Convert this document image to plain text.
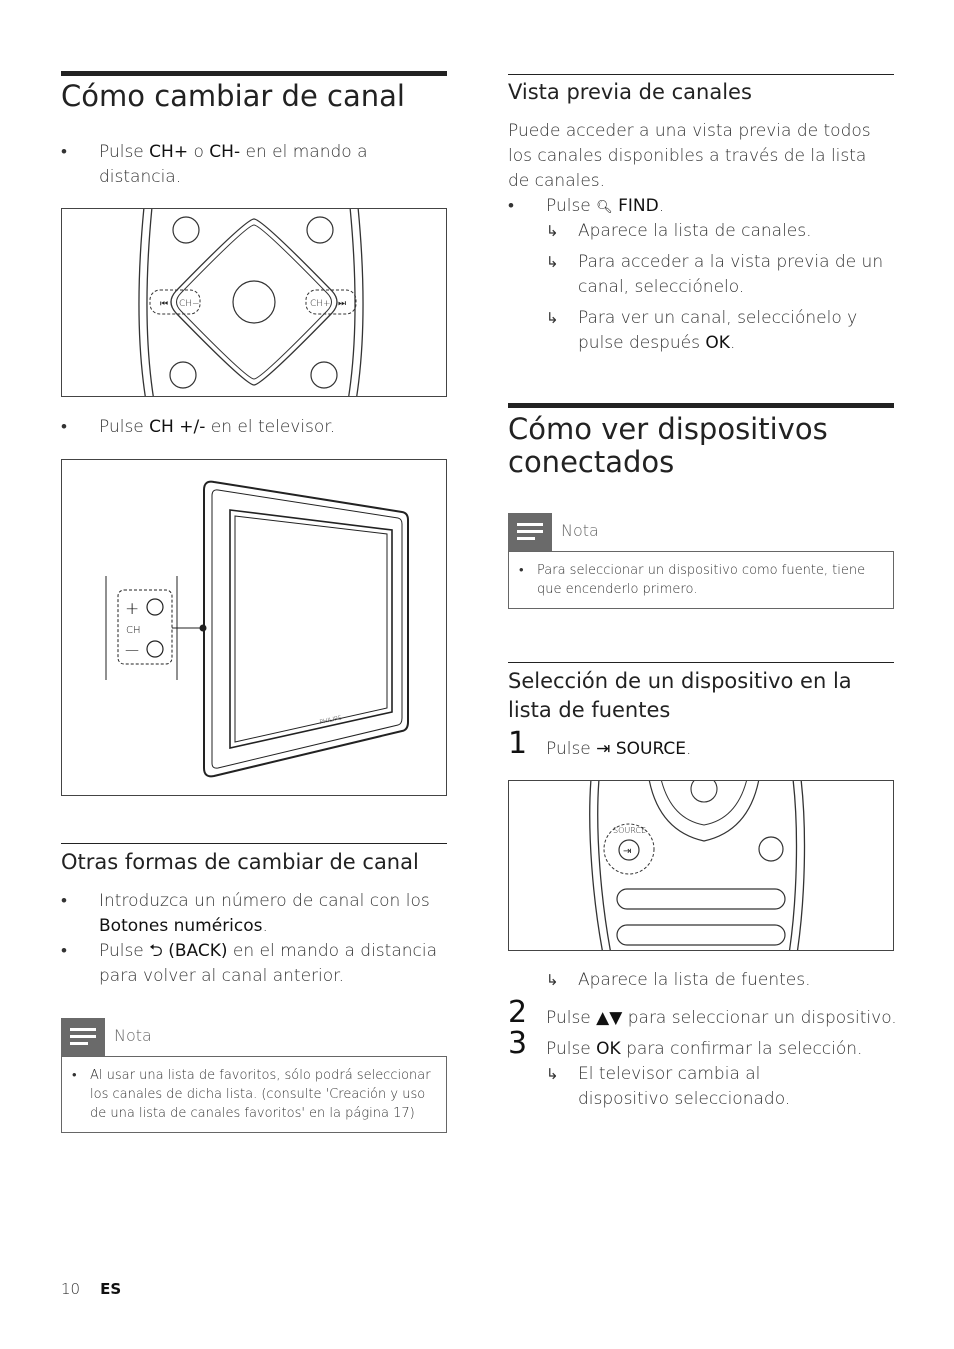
Cómo cambiar de canal
• Pulse CH+ o CH- en el mando a distancia.
⏮ CH−	CH+ ⏭
• Pulse CH +/- en el televisor.
PHILIPS
+
CH
—
Otras formas de cambiar de canal
• Introduzca un número de canal con los Botones numéricos.
• Pulse ⮌ (BACK) en el mando a distancia para volver al canal anterior.
Nota
• Al usar una lista de favoritos, sólo podrá seleccionar los canales de dicha lista. (consulte 'Creación y uso de una lista de canales favoritos' en la página 17)
Vista previa de canales
Puede acceder a una vista previa de todos los canales disponibles a través de la lista de canales.
• Pulse 🔍︎ FIND.
↳ Aparece la lista de canales.
↳ Para acceder a la vista previa de un canal, selecciónelo.
↳ Para ver un canal, selecciónelo y pulse después OK.
Cómo ver dispositivos conectados
Nota
• Para seleccionar un dispositivo como fuente, tiene que encenderlo primero.
Selección de un dispositivo en la lista de fuentes
1 Pulse ⇥ SOURCE.
SOURCE
⇥
↳ Aparece la lista de fuentes.
2 Pulse ▲▼ para seleccionar un dispositivo.
3 Pulse OK para confirmar la selección.
↳ El televisor cambia al dispositivo seleccionado.
10 ES
